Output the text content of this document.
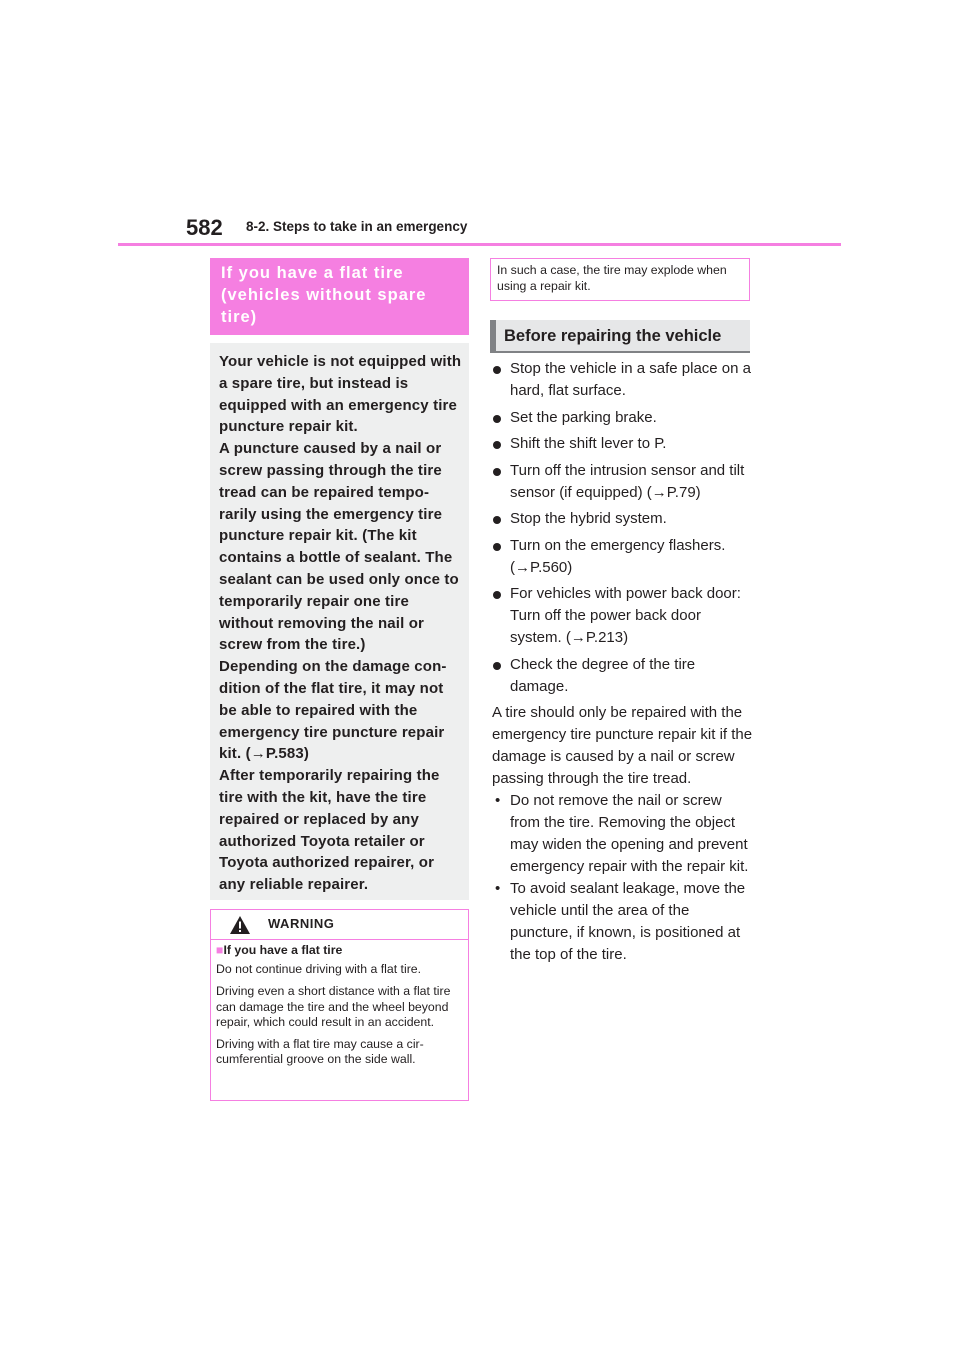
582 8-2. Steps to take in an emergency
If you have a flat tire (vehicles without spare tire)

Your vehicle is not equipped with a spare tire, but instead is equipped with an emergency tire puncture repair kit.

A puncture caused by a nail or screw passing through the tire tread can be repaired tempo-rarily using the emergency tire puncture repair kit. (The kit contains a bottle of sealant. The sealant can be used only once to temporarily repair one tire without removing the nail or screw from the tire.)

Depending on the damage con-dition of the flat tire, it may not be able to repaired with the emergency tire puncture repair kit. (→P.583)

After temporarily repairing the tire with the kit, have the tire repaired or replaced by any authorized Toyota retailer or Toyota authorized repairer, or any reliable repairer.

WARNING

■If you have a flat tire

Do not continue driving with a flat tire.

Driving even a short distance with a flat tire can damage the tire and the wheel beyond repair, which could result in an accident.

Driving with a flat tire may cause a cir-cumferential groove on the side wall.

In such a case, the tire may explode when using a repair kit.
Before repairing the vehicle
Stop the vehicle in a safe place on a hard, flat surface.
Set the parking brake.
Shift the shift lever to P.
Turn off the intrusion sensor and tilt sensor (if equipped) (→P.79)
Stop the hybrid system.
Turn on the emergency flashers. (→P.560)
For vehicles with power back door: Turn off the power back door system. (→P.213)
Check the degree of the tire damage.
A tire should only be repaired with the emergency tire puncture repair kit if the damage is caused by a nail or screw passing through the tire tread.
• Do not remove the nail or screw from the tire. Removing the object may widen the opening and prevent emergency repair with the repair kit.
• To avoid sealant leakage, move the vehicle until the area of the puncture, if known, is positioned at the top of the tire.
